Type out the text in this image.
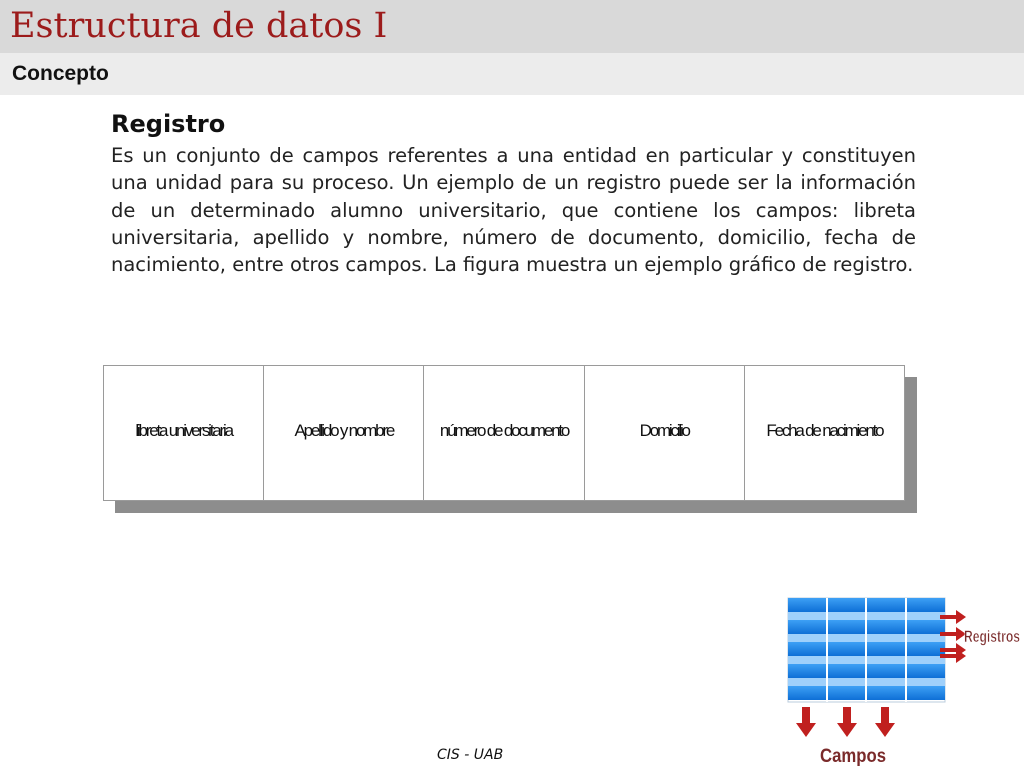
Estructura de datos I
Concepto
Registro
Es un conjunto de campos referentes a una entidad en particular y constituyen una unidad para su proceso. Un ejemplo de un registro puede ser la información de un determinado alumno universitario, que contiene los campos: libreta universitaria, apellido y nombre, número de documento, domicilio, fecha de nacimiento, entre otros campos. La figura muestra un ejemplo gráfico de registro.
libreta universitaria	Apellido y nombre	número de documento	Domicilio	Fecha de nacimiento
Registros
Campos
CIS - UAB
